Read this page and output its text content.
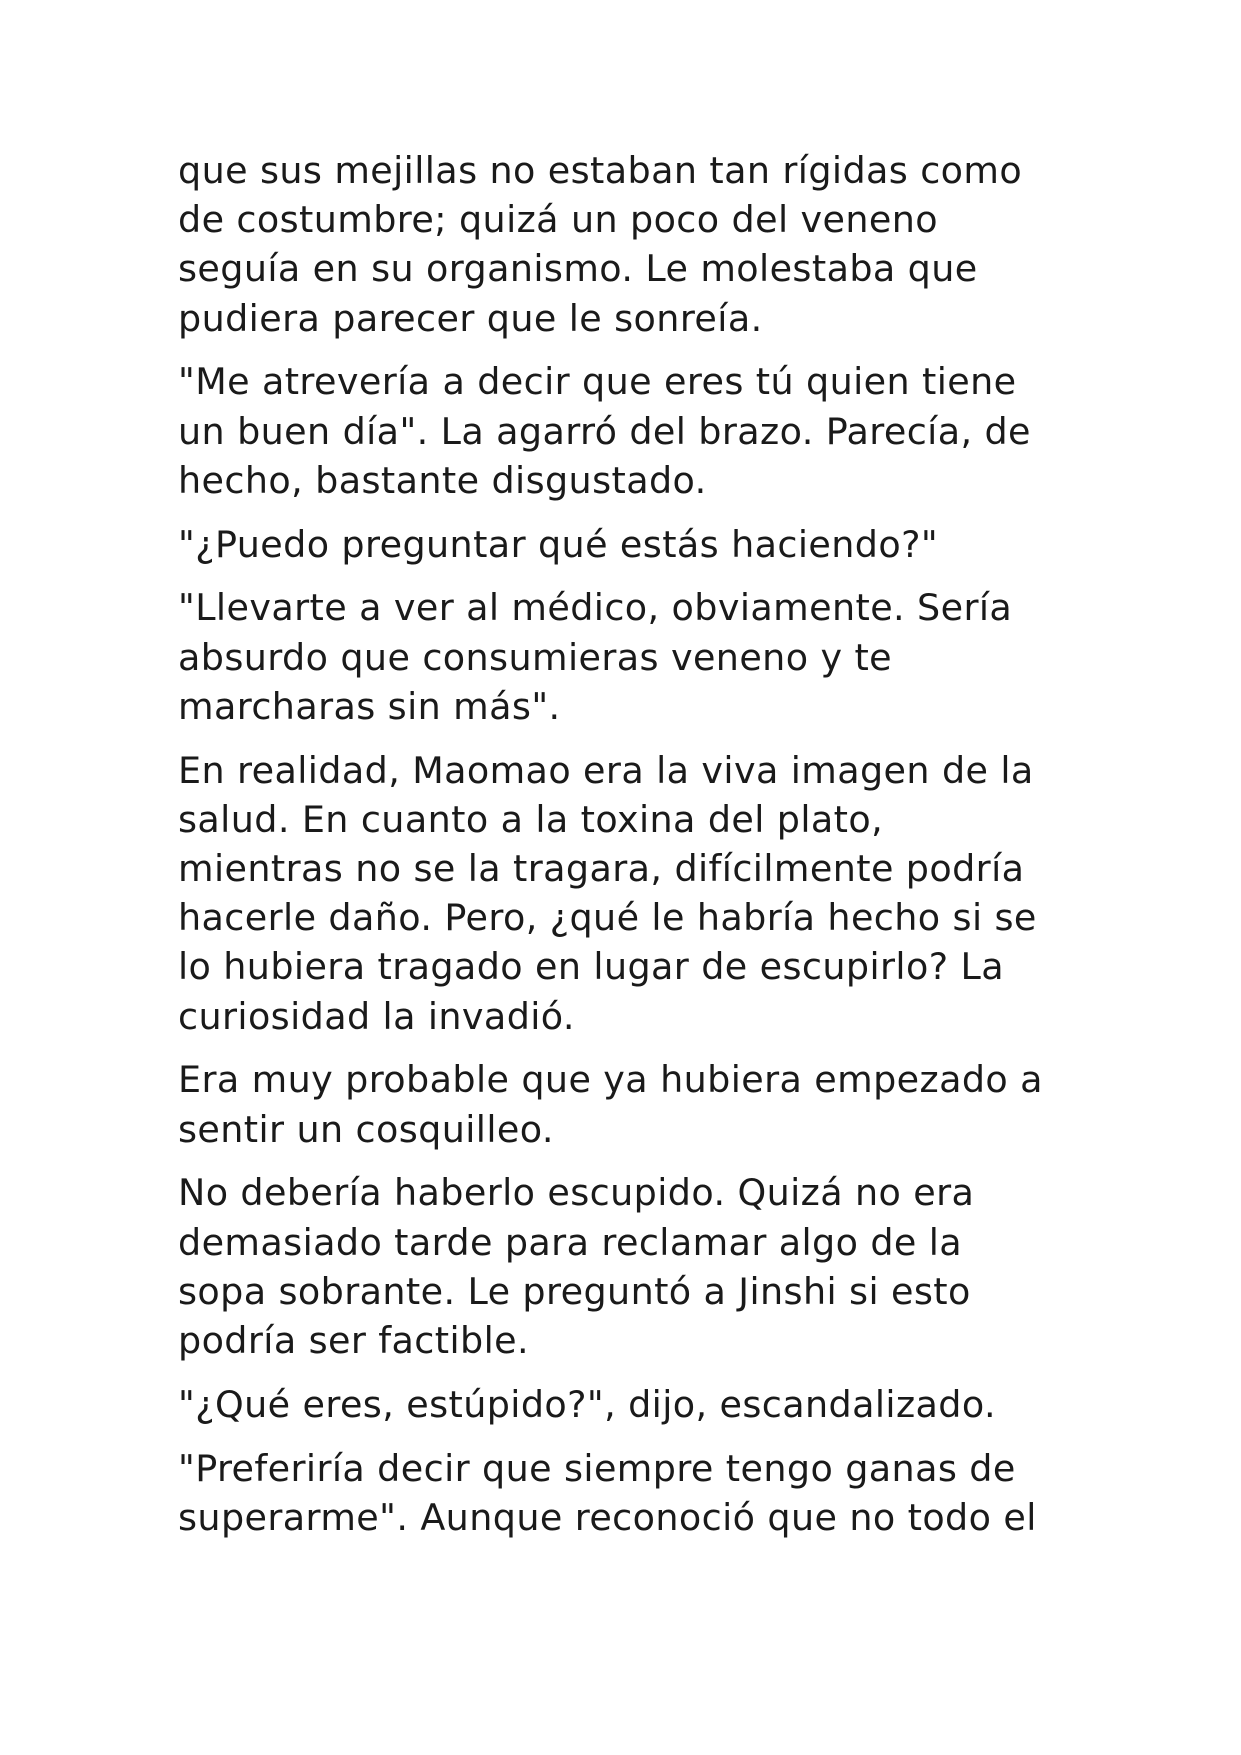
que sus mejillas no estaban tan rígidas como
de costumbre; quizá un poco del veneno
seguía en su organismo. Le molestaba que
pudiera parecer que le sonreía.

"Me atrevería a decir que eres tú quien tiene
un buen día". La agarró del brazo. Parecía, de
hecho, bastante disgustado.

"¿Puedo preguntar qué estás haciendo?"

"Llevarte a ver al médico, obviamente. Sería
absurdo que consumieras veneno y te
marcharas sin más".

En realidad, Maomao era la viva imagen de la
salud. En cuanto a la toxina del plato,
mientras no se la tragara, difícilmente podría
hacerle daño. Pero, ¿qué le habría hecho si se
lo hubiera tragado en lugar de escupirlo? La
curiosidad la invadió.

Era muy probable que ya hubiera empezado a
sentir un cosquilleo.

No debería haberlo escupido. Quizá no era
demasiado tarde para reclamar algo de la
sopa sobrante. Le preguntó a Jinshi si esto
podría ser factible.

"¿Qué eres, estúpido?", dijo, escandalizado.

"Preferiría decir que siempre tengo ganas de
superarme". Aunque reconoció que no todo el
